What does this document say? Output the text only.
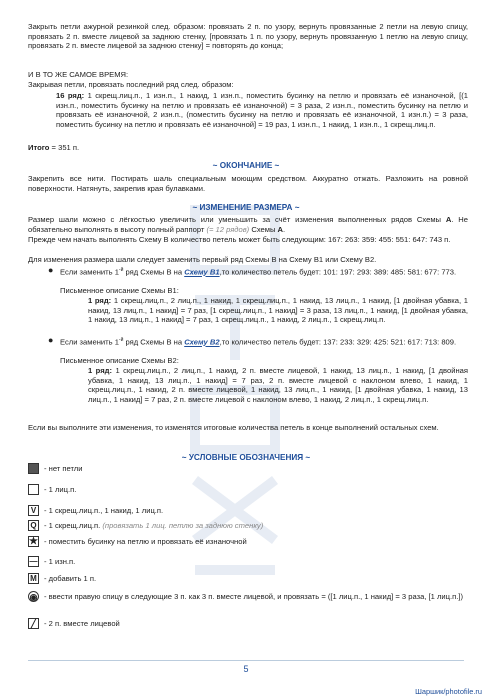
Закрыть петли ажурной резинкой след. образом: провязать 2 п. по узору, вернуть провязанные 2 петли на левую спицу, провязать 2 п. вместе лицевой за заднюю стенку, [провязать 1 п. по узору, вернуть провязанную 1 петлю на левую спицу, провязать 2 п. вместе лицевой за заднюю стенку] = повторять до конца;

И В ТО ЖЕ САМОЕ ВРЕМЯ:

Закрывая петли, провязать последний ряд след. образом:

16 ряд: 1 скрещ.лиц.п., 1 изн.п., 1 накид, 1 изн.п., поместить бусинку на петлю и провязать её изнаночной, [(1 изн.п., поместить бусинку на петлю и провязать её изнаночной) = 3 раза, 2 изн.п., поместить бусинку на петлю и провязать её изнаночной, 2 изн.п., (поместить бусинку на петлю и провязать её изнаночной, 1 изн.п.) = 3 раза, поместить бусинку на петлю и провязать её изнаночной] = 19 раз, 1 изн.п., 1 накид, 1 изн.п., 1 скрещ.лиц.п.

Итого = 351 п.

~ ОКОНЧАНИЕ ~

Закрепить все нити. Постирать шаль специальным моющим средством. Аккуратно отжать. Разложить на ровной поверхности. Натянуть, закрепив края булавками.

~ ИЗМЕНЕНИЕ РАЗМЕРА ~

Размер шали можно с лёгкостью увеличить или уменьшить за счёт изменения выполненных рядов Схемы A. Не обязательно выполнять в высоту полный раппорт (= 12 рядов) Схемы A.

Прежде чем начать выполнять Схему B количество петель может быть следующим: 167: 263: 359: 455: 551: 647: 743 п.

Для изменения размера шали следует заменить первый ряд Схемы B на Схему B1 или Схему B2.

● Если заменить $1^{-й}$ ряд Схемы B на Схему B1,то количество петель будет: 101: 197: 293: 389: 485: 581: 677: 773.

Письменное описание Схемы B1:

1 ряд: 1 скрещ.лиц.п., 2 лиц.п., 1 накид, 1 скрещ.лиц.п., 1 накид, 13 лиц.п., 1 накид, [1 двойная убавка, 1 накид, 13 лиц.п., 1 накид] = 7 раз, [1 скрещ.лиц.п., 1 накид] = 3 раза, 13 лиц.п., 1 накид, [1 двойная убавка, 1 накид, 13 лиц.п., 1 накид] = 7 раз, 1 скрещ.лиц.п., 1 накид, 2 лиц.п., 1 скрещ.лиц.п.

● Если заменить $1^{-й}$ ряд Схемы B на Схему B2,то количество петель будет: 137: 233: 329: 425: 521: 617: 713: 809.

Письменное описание Схемы B2:

1 ряд: 1 скрещ.лиц.п., 2 лиц.п., 1 накид, 2 п. вместе лицевой, 1 накид, 13 лиц.п., 1 накид, [1 двойная убавка, 1 накид, 13 лиц.п., 1 накид] = 7 раз, 2 п. вместе лицевой с наклоном влево, 1 накид, 1 скрещ.лиц.п., 1 накид, 2 п. вместе лицевой, 1 накид, 13 лиц.п., 1 накид, [1 двойная убавка, 1 накид, 13 лиц.п., 1 накид] = 7 раз, 2 п. вместе лицевой с наклоном влево, 1 накид, 2 лиц.п., 1 скрещ.лиц.п.

Если вы выполните эти изменения, то изменятся итоговые количества петель в конце выполнений остальных схем.

~ УСЛОВНЫЕ ОБОЗНАЧЕНИЯ ~

- нет петли
- 1 лиц.п.
V	- 1 скрещ.лиц.п., 1 накид, 1 лиц.п.
Q - 1 скрещ.лиц.п. (провязать 1 лиц. петлю за заднюю стенку)
★ - поместить бусинку на петлю и провязать её изнаночной
— - 1 изн.п.
M - добавить 1 п.
◉ - ввести правую спицу в следующие 3 п. как 3 п. вместе лицевой, и провязать = ([1 лиц.п., 1 накид] = 3 раза, [1 лиц.п.])
╱	- 2 п. вместе лицевой
5
Шаршик/photofile.ru
